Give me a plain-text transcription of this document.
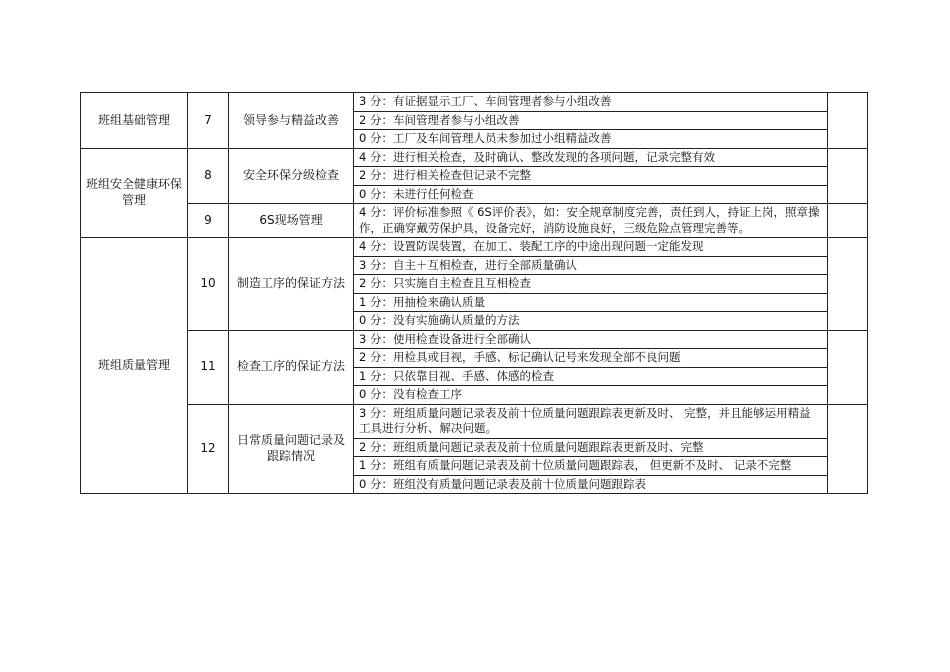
班组基础管理	7	领导参与精益改善	3 分：有证据显示工厂、车间管理者参与小组改善	
			2 分：车间管理者参与小组改善	
			0 分：工厂及车间管理人员未参加过小组精益改善	
班组安全健康环保管理	8	安全环保分级检查	4 分：进行相关检查，及时确认、整改发现的各项问题，记录完整有效	
			2 分：进行相关检查但记录不完整	
			0 分：未进行任何检查	
	9	6S现场管理	4 分：评价标准参照《 6S评价表》，如：安全规章制度完善，责任到人，持证上岗，照章操作，正确穿戴劳保护具，设备完好，消防设施良好，三级危险点管理完善等。	
班组质量管理	10	制造工序的保证方法	4 分：设置防误装置，在加工、装配工序的中途出现问题一定能发现	
			3 分：自主＋互相检查，进行全部质量确认	
			2 分：只实施自主检查且互相检查	
			1 分：用抽检来确认质量	
			0 分：没有实施确认质量的方法	
	11	检查工序的保证方法	3 分：使用检查设备进行全部确认	
			2 分：用检具或目视，手感、标记确认记号来发现全部不良问题	
			1 分：只依靠目视、手感、体感的检查	
			0 分：没有检查工序	
	12	日常质量问题记录及跟踪情况	3 分：班组质量问题记录表及前十位质量问题跟踪表更新及时、 完整，并且能够运用精益工具进行分析、解决问题。	
			2 分：班组质量问题记录表及前十位质量问题跟踪表更新及时、完整	
			1 分：班组有质量问题记录表及前十位质量问题跟踪表， 但更新不及时、 记录不完整	
			0 分：班组没有质量问题记录表及前十位质量问题跟踪表	
